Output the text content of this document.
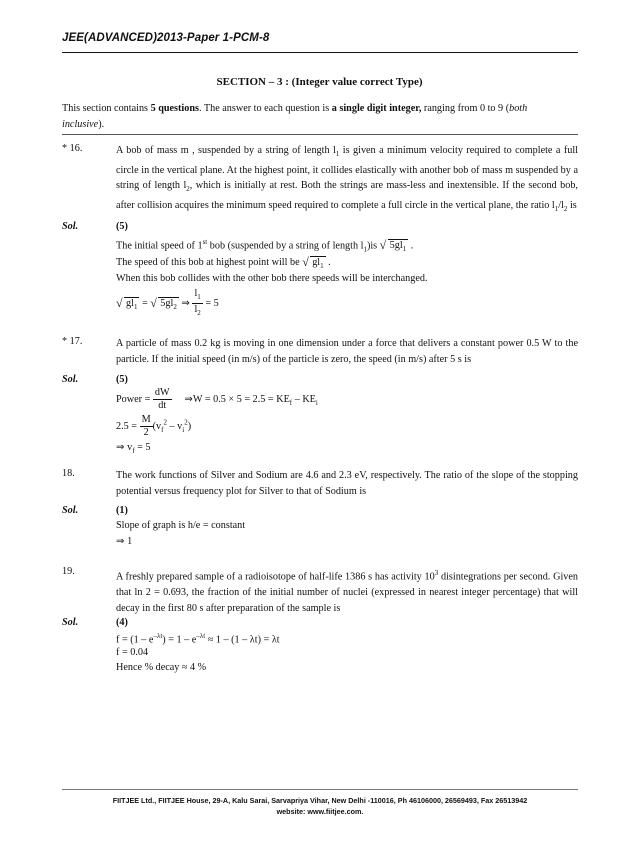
JEE(ADVANCED)2013-Paper 1-PCM-8
SECTION – 3 : (Integer value correct Type)
This section contains 5 questions. The answer to each question is a single digit integer, ranging from 0 to 9 (both
inclusive).
* 16.	A bob of mass m , suspended by a string of length $l_1$ is given a minimum velocity required to complete a full circle in the vertical plane. At the highest point, it collides elastically with another bob of mass m suspended by a string of length $l_2$, which is initially at rest. Both the strings are mass-less and inextensible. If the second bob, after collision acquires the minimum speed required to complete a full circle in the vertical plane, the ratio $l_1/l_2$ is
Sol.	(5)
The initial speed of 1st bob (suspended by a string of length $l_1)is$ √ $5gl_1$ .
The speed of this bob at highest point will be √ $gl_1$ .
When this bob collides with the other bob there speeds will be interchanged.
√ $gl_1$ = √ $5gl_2$ ⇒ $\frac{l_1}{l_2} = 5$
* 17.	A particle of mass 0.2 kg is moving in one dimension under a force that delivers a constant power 0.5 W to the particle. If the initial speed (in m/s) of the particle is zero, the speed (in m/s) after 5 s is
Sol.	(5)
Power = $\frac{dW}{dt}$ ⇒W = $0.5 \times 5 = 2.5 = KE_f - KE_i$
$2.5 = \frac{M}{2} (v_f^2 - v_i^2)$
⇒ $v_f = 5$
18.	The work functions of Silver and Sodium are 4.6 and 2.3 eV, respectively. The ratio of the slope of the stopping potential versus frequency plot for Silver to that of Sodium is
Sol.	(1)
Slope of graph is h/e = constant
⇒ 1
19.	A freshly prepared sample of a radioisotope of half-life 1386 s has activity $10^3$ disintegrations per second. Given that ln 2 = 0.693, the fraction of the initial number of nuclei (expressed in nearest integer percentage) that will decay in the first 80 s after preparation of the sample is
Sol.	(4)
$f = (1 - e^{-\lambda t}) = 1 - e^{-\lambda t} \approx 1 - (1 - \lambda t) = \lambda t$
f = 0.04
Hence % decay ≈ 4 %
FIITJEE Ltd., FIITJEE House, 29-A, Kalu Sarai, Sarvapriya Vihar, New Delhi -110016, Ph 46106000, 26569493, Fax 26513942
website: www.fiitjee.com.
